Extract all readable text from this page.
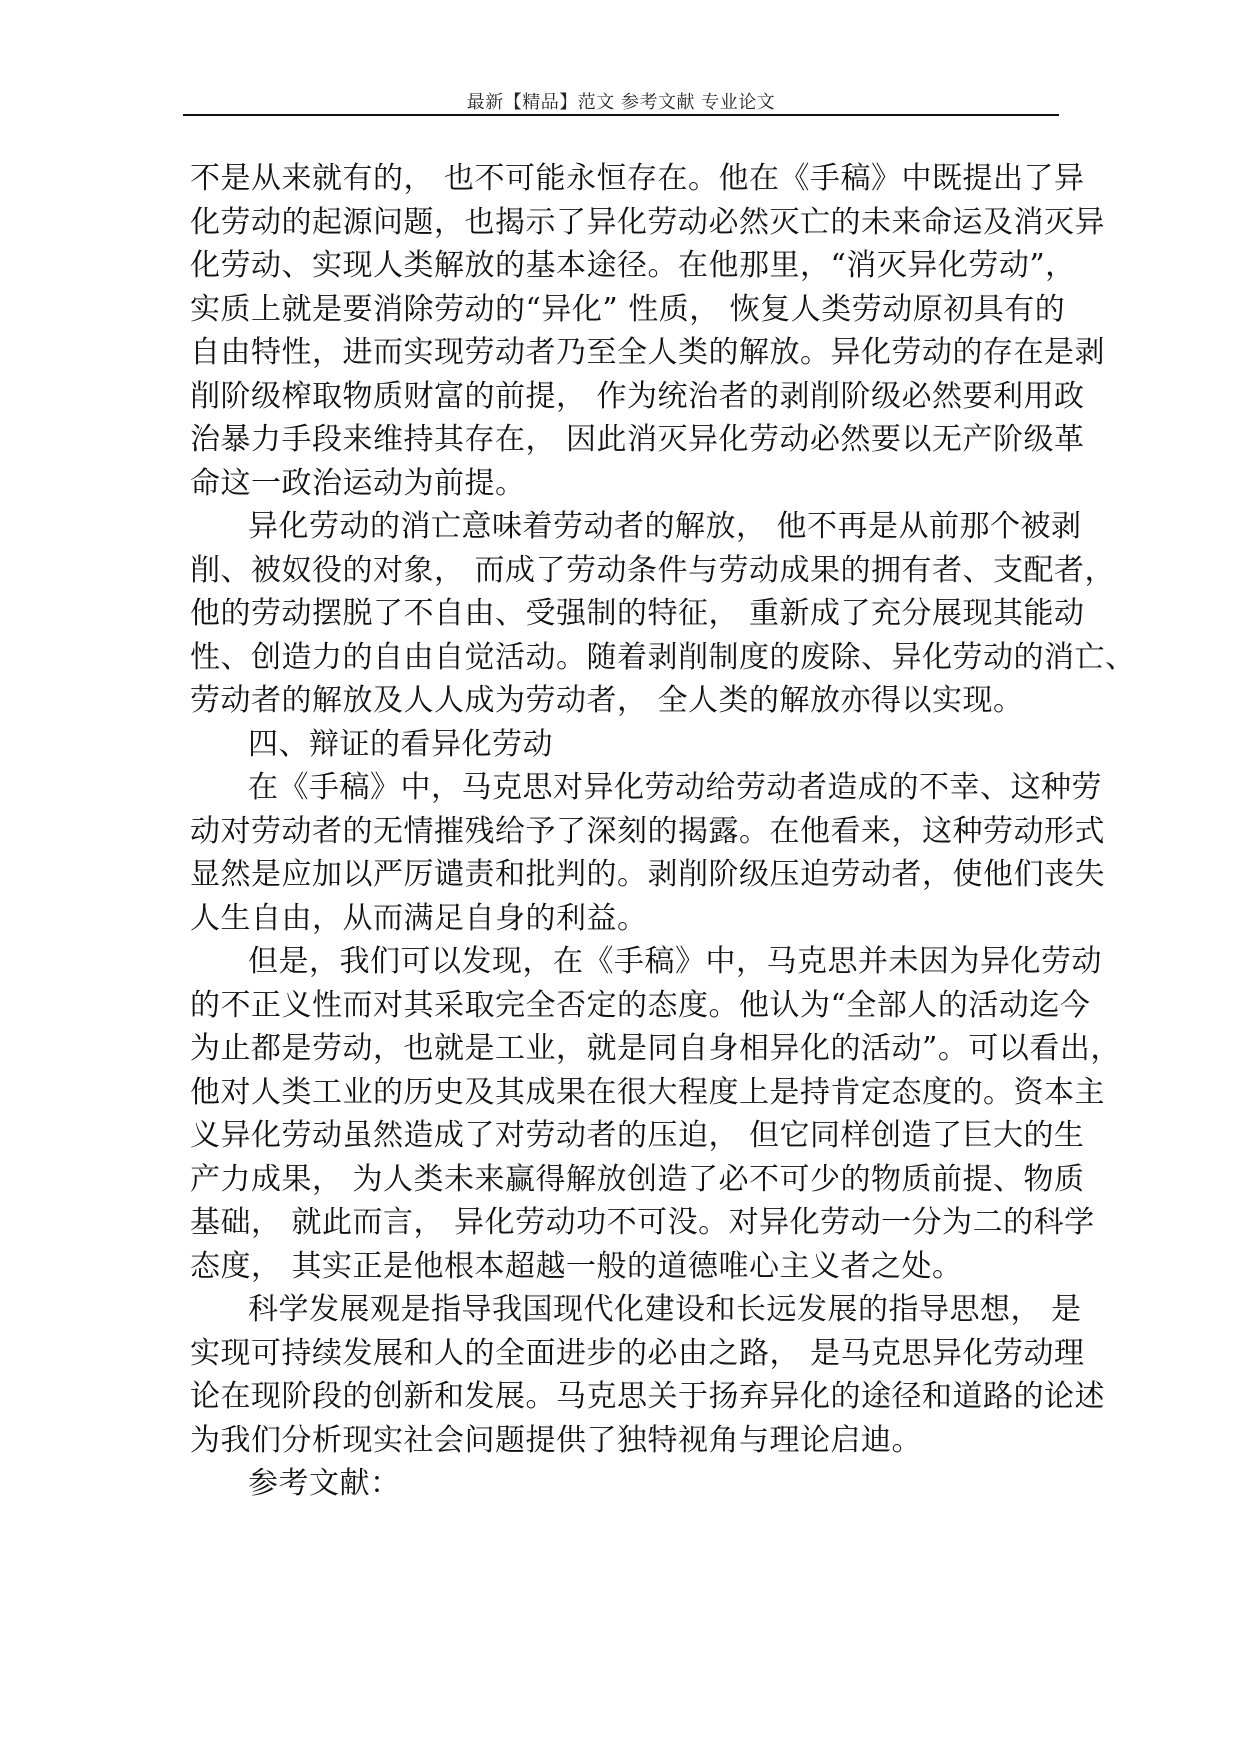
最新【精品】范文 参考文献 专业论文
不是从来就有的， 也不可能永恒存在。他在《手稿》中既提出了异
化劳动的起源问题，也揭示了异化劳动必然灭亡的未来命运及消灭异
化劳动、实现人类解放的基本途径。在他那里，“消灭异化劳动”，
实质上就是要消除劳动的“异化” 性质， 恢复人类劳动原初具有的
自由特性，进而实现劳动者乃至全人类的解放。异化劳动的存在是剥
削阶级榨取物质财富的前提， 作为统治者的剥削阶级必然要利用政
治暴力手段来维持其存在， 因此消灭异化劳动必然要以无产阶级革
命这一政治运动为前提。
异化劳动的消亡意味着劳动者的解放， 他不再是从前那个被剥
削、被奴役的对象， 而成了劳动条件与劳动成果的拥有者、支配者，
他的劳动摆脱了不自由、受强制的特征， 重新成了充分展现其能动
性、创造力的自由自觉活动。随着剥削制度的废除、异化劳动的消亡、
劳动者的解放及人人成为劳动者， 全人类的解放亦得以实现。
四、辩证的看异化劳动
在《手稿》中，马克思对异化劳动给劳动者造成的不幸、这种劳
动对劳动者的无情摧残给予了深刻的揭露。在他看来，这种劳动形式
显然是应加以严厉谴责和批判的。剥削阶级压迫劳动者，使他们丧失
人生自由，从而满足自身的利益。
但是，我们可以发现，在《手稿》中，马克思并未因为异化劳动
的不正义性而对其采取完全否定的态度。他认为“全部人的活动迄今
为止都是劳动，也就是工业，就是同自身相异化的活动”。可以看出，
他对人类工业的历史及其成果在很大程度上是持肯定态度的。资本主
义异化劳动虽然造成了对劳动者的压迫， 但它同样创造了巨大的生
产力成果， 为人类未来赢得解放创造了必不可少的物质前提、物质
基础， 就此而言， 异化劳动功不可没。对异化劳动一分为二的科学
态度， 其实正是他根本超越一般的道德唯心主义者之处。
科学发展观是指导我国现代化建设和长远发展的指导思想， 是
实现可持续发展和人的全面进步的必由之路， 是马克思异化劳动理
论在现阶段的创新和发展。马克思关于扬弃异化的途径和道路的论述
为我们分析现实社会问题提供了独特视角与理论启迪。
参考文献：
